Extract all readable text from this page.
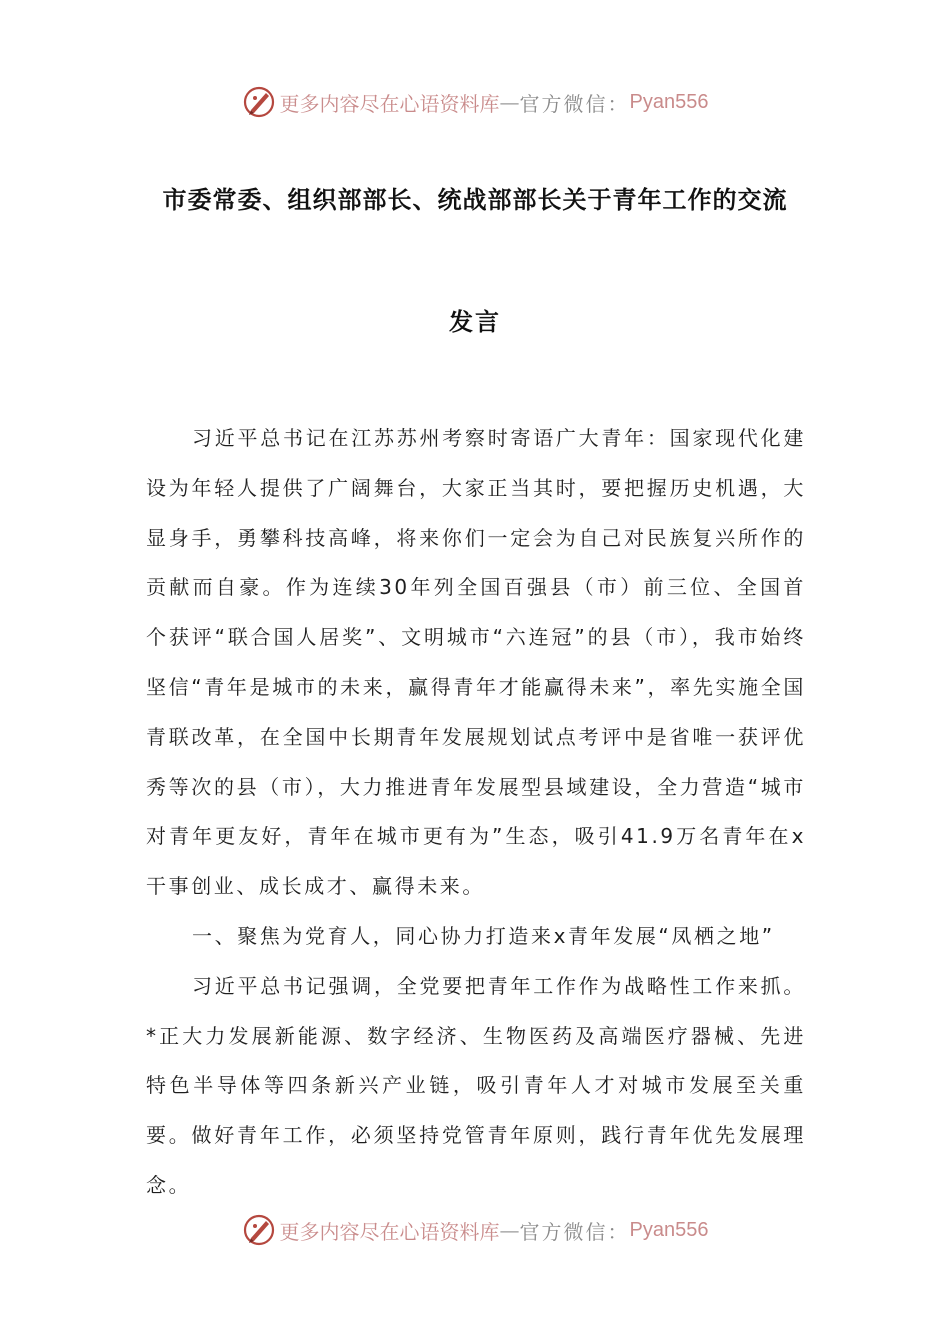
更多内容尽在心语资料库 — 官方微信： Pyan556
市委常委、组织部部长、统战部部长关于青年工作的交流
发言

习近平总书记在江苏苏州考察时寄语广大青年：国家现代化建设为年轻人提供了广阔舞台，大家正当其时，要把握历史机遇，大显身手，勇攀科技高峰，将来你们一定会为自己对民族复兴所作的贡献而自豪。作为连续30年列全国百强县（市）前三位、全国首个获评“联合国人居奖”、文明城市“六连冠”的县（市），我市始终坚信“青年是城市的未来，赢得青年才能赢得未来”，率先实施全国青联改革，在全国中长期青年发展规划试点考评中是省唯一获评优秀等次的县（市），大力推进青年发展型县域建设，全力营造“城市对青年更友好，青年在城市更有为”生态，吸引41.9万名青年在x干事创业、成长成才、赢得未来。

一、聚焦为党育人，同心协力打造来x青年发展“凤栖之地”

习近平总书记强调，全党要把青年工作作为战略性工作来抓。*正大力发展新能源、数字经济、生物医药及高端医疗器械、先进特色半导体等四条新兴产业链，吸引青年人才对城市发展至关重要。做好青年工作，必须坚持党管青年原则，践行青年优先发展理念。

更多内容尽在心语资料库 — 官方微信： Pyan556
